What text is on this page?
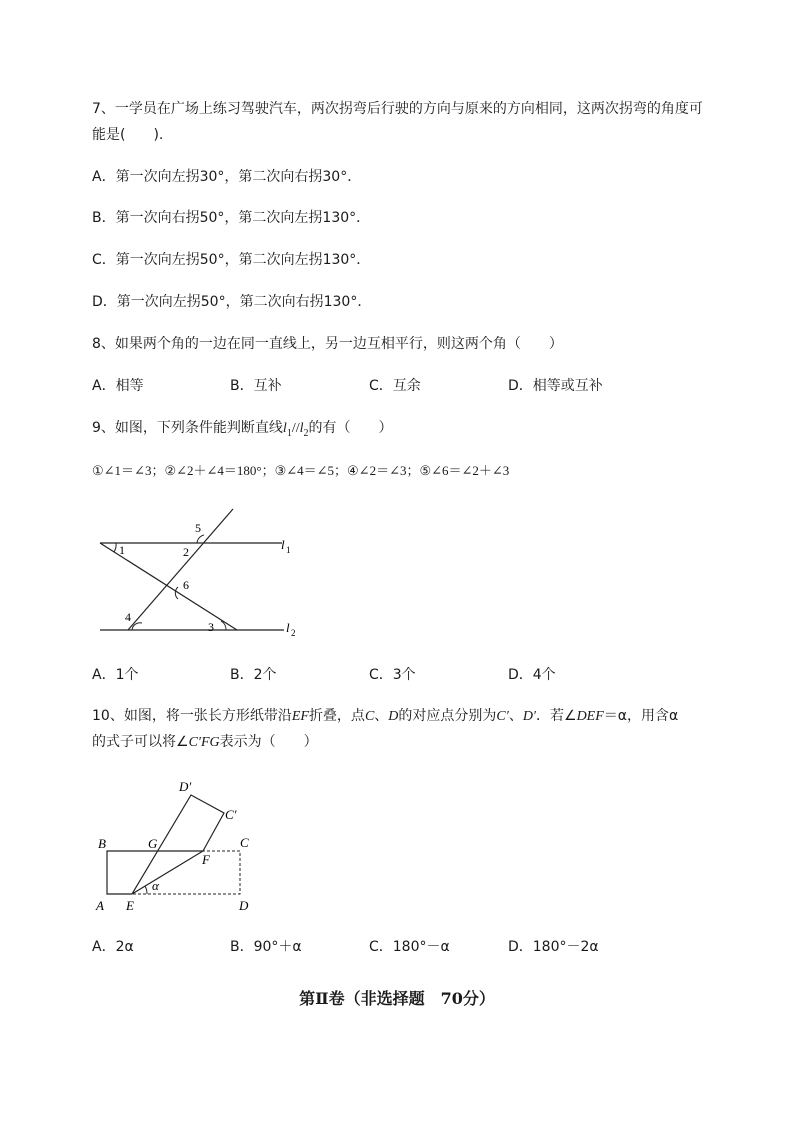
7、一学员在广场上练习驾驶汽车，两次拐弯后行驶的方向与原来的方向相同，这两次拐弯的角度可
能是(　　).
A．第一次向左拐30°，第二次向右拐30°．
B．第一次向右拐50°，第二次向左拐130°．
C．第一次向左拐50°，第二次向左拐130°．
D．第一次向左拐50°，第二次向右拐130°．
8、如果两个角的一边在同一直线上，另一边互相平行，则这两个角（　　）
A．相等	B．互补	C．互余	D．相等或互补
9、如图，下列条件能判断直线$l_1//l_2$的有（　　）
①∠1＝∠3；②∠2＋∠4＝180°；③∠4＝∠5；④∠2＝∠3；⑤∠6＝∠2＋∠3
1	2
3
4
5
6
l 1
l 2
A．1个	B．2个	C．3个	D．4个
10、如图，将一张长方形纸带沿EF折叠，点C、D的对应点分别为C′、D′．若∠DEF＝α，用含α
的式子可以将∠C′FG表示为（　　）
A
B	C
D
E
F
G
C′
D′
α
A．2α	B．90°＋α	C．180°－α	D．180°－2α
第Ⅱ卷（非选择题　70分）
